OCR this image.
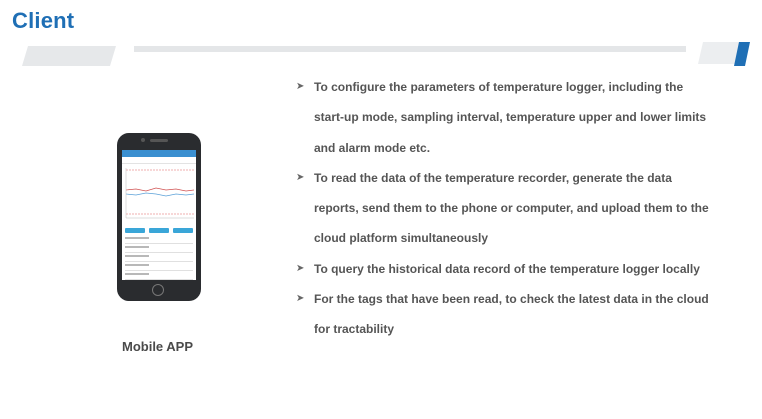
Client
Mobile APP
➤ To configure the parameters of temperature logger, including the start-up mode, sampling interval, temperature upper and lower limits and alarm mode etc.
➤ To read the data of the temperature recorder, generate the data reports, send them to the phone or computer, and upload them to the cloud platform simultaneously
➤ To query the historical data record of the temperature logger locally
➤ For the tags that have been read, to check the latest data in the cloud for tractability
